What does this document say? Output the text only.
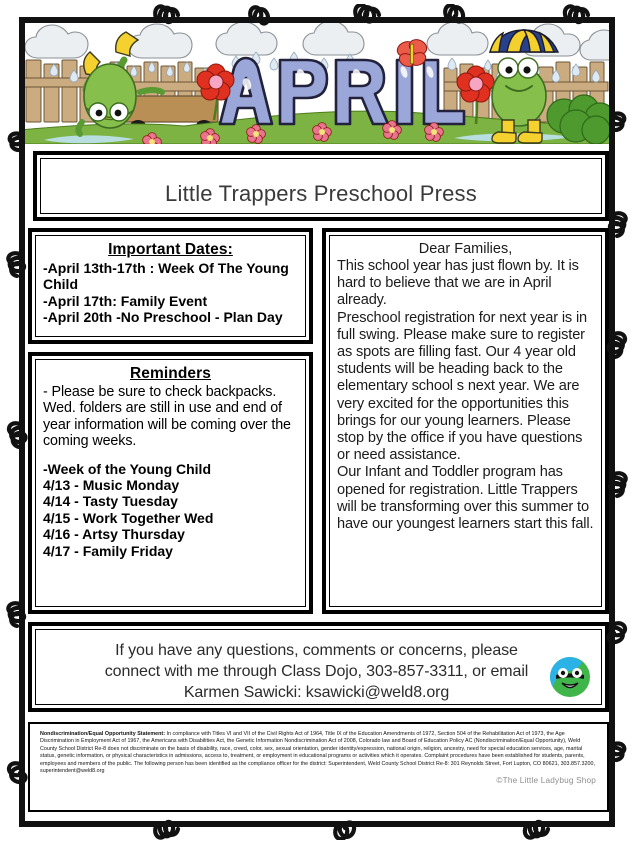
Little Trappers Preschool Press
Important Dates:

-April 13th-17th : Week Of The Young Child

-April 17th: Family Event

-April 20th -No Preschool - Plan Day

Reminders

- Please be sure to check backpacks. Wed. folders are still in use and end of year information will be coming over the coming weeks.

-Week of the Young Child

4/13 - Music Monday

4/14 - Tasty Tuesday

4/15 - Work Together Wed

4/16 - Artsy Thursday

4/17 - Family Friday

Dear Families,

This school year has just flown by. It is hard to believe that we are in April already.

Preschool registration for next year is in full swing. Please make sure to register as spots are filling fast. Our 4 year old students will be heading back to the elementary school s next year. We are very excited for the opportunities this brings for our young learners. Please stop by the office if you have questions or need assistance.

Our Infant and Toddler program has opened for registration. Little Trappers will be transforming over this summer to have our youngest learners start this fall.

If you have any questions, comments or concerns, please
connect with me through Class Dojo, 303-857-3311, or email
Karmen Sawicki: ksawicki@weld8.org
Nondiscrimination/Equal Opportunity Statement: In compliance with Titles VI and VII of the Civil Rights Act of 1964, Title IX of the Education Amendments of 1972, Section 504 of the Rehabilitation Act of 1973, the Age Discrimination in Employment Act of 1967, the Americans with Disabilities Act, the Genetic Information Nondiscrimination Act of 2008, Colorado law and Board of Education Policy AC (Nondiscrimination/Equal Opportunity), Weld County School District Re-8 does not discriminate on the basis of disability, race, creed, color, sex, sexual orientation, gender identity/expression, national origin, religion, ancestry, need for special education services, age, marital status, genetic information, or physical characteristics in admissions, access to, treatment, or employment in educational programs or activities which it operates. Complaint procedures have been established for students, parents, employees and members of the public. The following person has been identified as the compliance officer for the district: Superintendent, Weld County School District Re-8: 301 Reynolds Street, Fort Lupton, CO 80621, 303.857.3200, superintendent@weld8.org
©The Little Ladybug Shop
